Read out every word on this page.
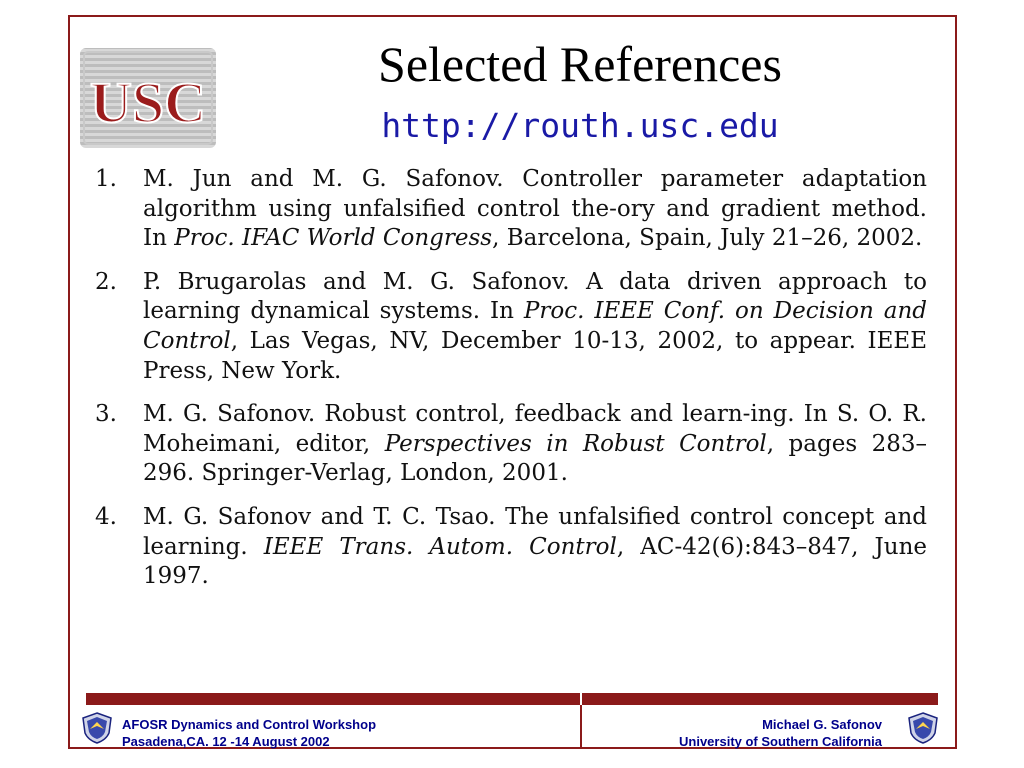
USC
Selected References
http://routh.usc.edu
1. M. Jun and M. G. Safonov. Controller parameter adaptation algorithm using unfalsified control the-ory and gradient method. In Proc. IFAC World Congress, Barcelona, Spain, July 21–26, 2002.
2. P. Brugarolas and M. G. Safonov. A data driven approach to learning dynamical systems. In Proc. IEEE Conf. on Decision and Control, Las Vegas, NV, December 10-13, 2002, to appear. IEEE Press, New York.
3. M. G. Safonov. Robust control, feedback and learn-ing. In S. O. R. Moheimani, editor, Perspectives in Robust Control, pages 283–296. Springer-Verlag, London, 2001.
4. M. G. Safonov and T. C. Tsao. The unfalsified control concept and learning. IEEE Trans. Autom. Control, AC-42(6):843–847, June 1997.
AFOSR Dynamics and Control Workshop
Pasadena,CA. 12 -14 August 2002
Michael G. Safonov
University of Southern California
